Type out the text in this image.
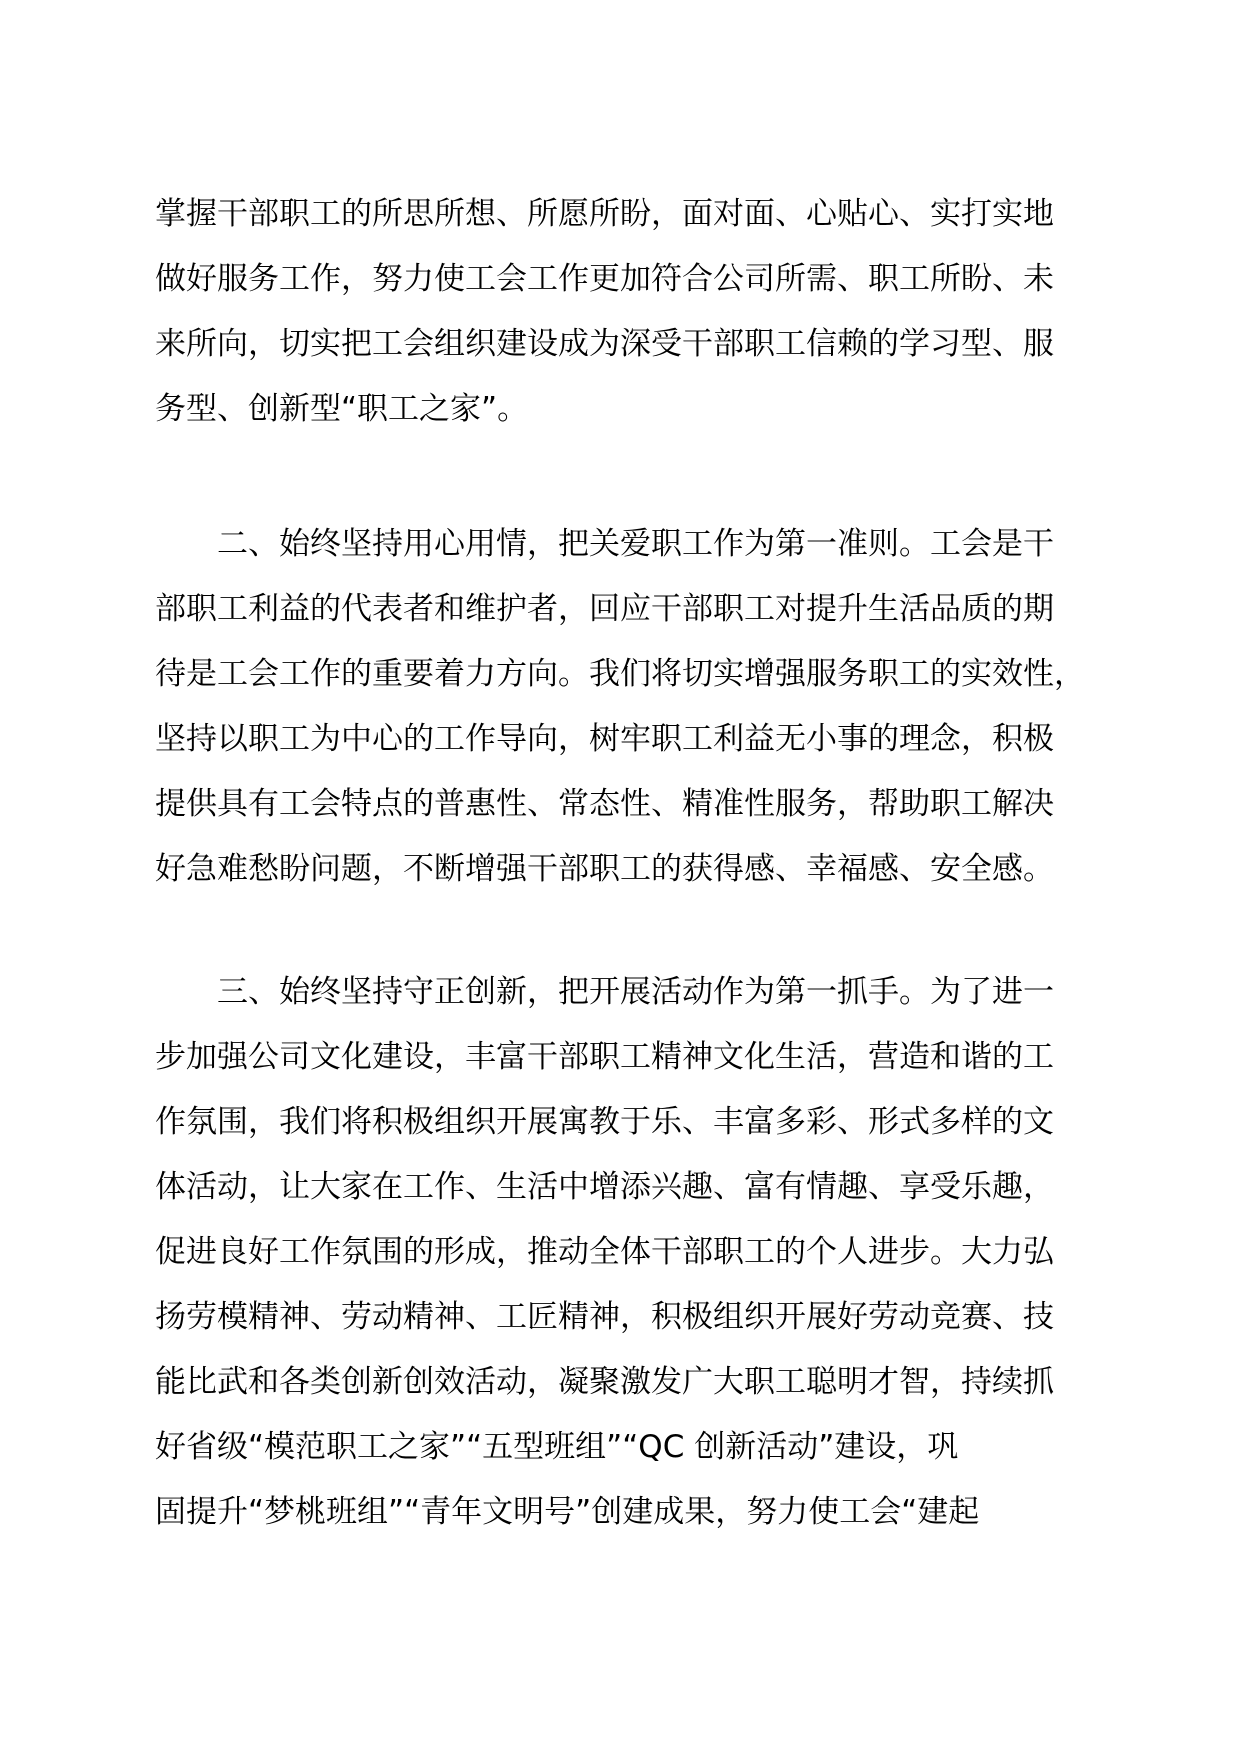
掌握干部职工的所思所想、所愿所盼，面对面、心贴心、实打实地
做好服务工作，努力使工会工作更加符合公司所需、职工所盼、未
来所向，切实把工会组织建设成为深受干部职工信赖的学习型、服
务型、创新型“职工之家”。
二、始终坚持用心用情，把关爱职工作为第一准则。工会是干
部职工利益的代表者和维护者，回应干部职工对提升生活品质的期
待是工会工作的重要着力方向。我们将切实增强服务职工的实效性，
坚持以职工为中心的工作导向，树牢职工利益无小事的理念，积极
提供具有工会特点的普惠性、常态性、精准性服务，帮助职工解决
好急难愁盼问题，不断增强干部职工的获得感、幸福感、安全感。
三、始终坚持守正创新，把开展活动作为第一抓手。为了进一
步加强公司文化建设，丰富干部职工精神文化生活，营造和谐的工
作氛围，我们将积极组织开展寓教于乐、丰富多彩、形式多样的文
体活动，让大家在工作、生活中增添兴趣、富有情趣、享受乐趣，
促进良好工作氛围的形成，推动全体干部职工的个人进步。大力弘
扬劳模精神、劳动精神、工匠精神，积极组织开展好劳动竞赛、技
能比武和各类创新创效活动，凝聚激发广大职工聪明才智，持续抓
好省级“模范职工之家”“五型班组”“QC 创新活动”建设，巩
固提升“梦桃班组”“青年文明号”创建成果，努力使工会“建起
